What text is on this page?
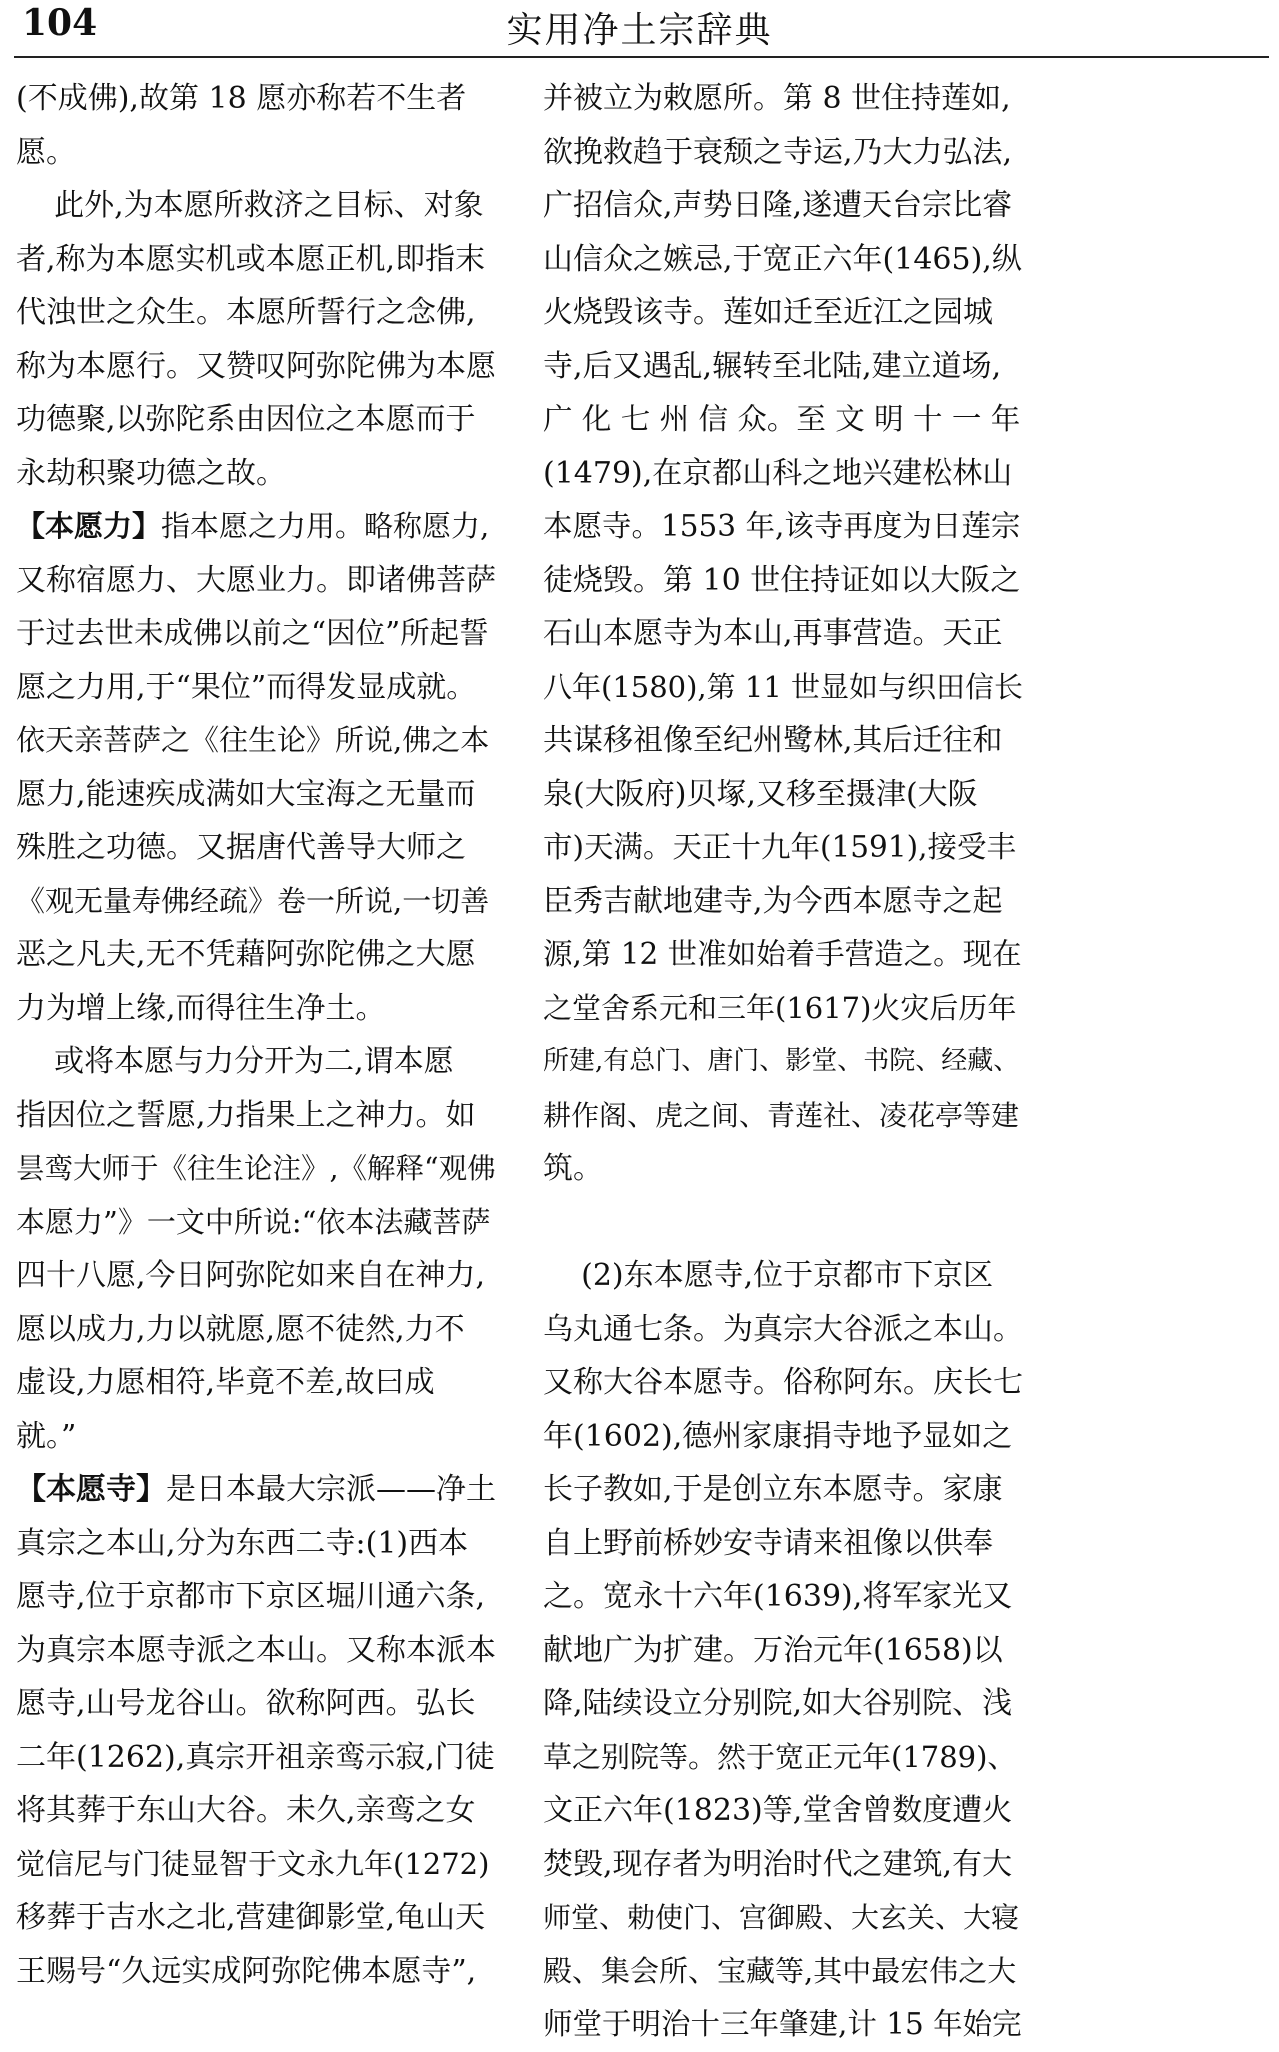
104	实用净土宗辞典
(不成佛),故第 18 愿亦称若不生者
愿。
此外,为本愿所救济之目标、对象
者,称为本愿实机或本愿正机,即指末
代浊世之众生。本愿所誓行之念佛,
称为本愿行。又赞叹阿弥陀佛为本愿
功德聚,以弥陀系由因位之本愿而于
永劫积聚功德之故。
【本愿力】指本愿之力用。略称愿力,
又称宿愿力、大愿业力。即诸佛菩萨
于过去世未成佛以前之“因位”所起誓
愿之力用,于“果位”而得发显成就。
依天亲菩萨之《往生论》所说,佛之本
愿力,能速疾成满如大宝海之无量而
殊胜之功德。又据唐代善导大师之
《观无量寿佛经疏》卷一所说,一切善
恶之凡夫,无不凭藉阿弥陀佛之大愿
力为增上缘,而得往生净土。
或将本愿与力分开为二,谓本愿
指因位之誓愿,力指果上之神力。如
昙鸾大师于《往生论注》,《解释“观佛
本愿力”》一文中所说:“依本法藏菩萨
四十八愿,今日阿弥陀如来自在神力,
愿以成力,力以就愿,愿不徒然,力不
虚设,力愿相符,毕竟不差,故曰成
就。”
【本愿寺】是日本最大宗派——净土
真宗之本山,分为东西二寺:(1)西本
愿寺,位于京都市下京区堀川通六条,
为真宗本愿寺派之本山。又称本派本
愿寺,山号龙谷山。欲称阿西。弘长
二年(1262),真宗开祖亲鸾示寂,门徒
将其葬于东山大谷。未久,亲鸾之女
觉信尼与门徒显智于文永九年(1272)
移葬于吉水之北,营建御影堂,龟山天
王赐号“久远实成阿弥陀佛本愿寺”,
并被立为敕愿所。第 8 世住持莲如,
欲挽救趋于衰颓之寺运,乃大力弘法,
广招信众,声势日隆,遂遭天台宗比睿
山信众之嫉忌,于宽正六年(1465),纵
火烧毁该寺。莲如迁至近江之园城
寺,后又遇乱,辗转至北陆,建立道场,
广 化 七 州 信 众。至 文 明 十 一 年
(1479),在京都山科之地兴建松林山
本愿寺。1553 年,该寺再度为日莲宗
徒烧毁。第 10 世住持证如以大阪之
石山本愿寺为本山,再事营造。天正
八年(1580),第 11 世显如与织田信长
共谋移祖像至纪州鹭林,其后迁往和
泉(大阪府)贝塚,又移至摄津(大阪
市)天满。天正十九年(1591),接受丰
臣秀吉献地建寺,为今西本愿寺之起
源,第 12 世准如始着手营造之。现在
之堂舍系元和三年(1617)火灾后历年
所建,有总门、唐门、影堂、书院、经藏、
耕作阁、虎之间、青莲社、凌花亭等建
筑。
(2)东本愿寺,位于京都市下京区
乌丸通七条。为真宗大谷派之本山。
又称大谷本愿寺。俗称阿东。庆长七
年(1602),德州家康捐寺地予显如之
长子教如,于是创立东本愿寺。家康
自上野前桥妙安寺请来祖像以供奉
之。宽永十六年(1639),将军家光又
献地广为扩建。万治元年(1658)以
降,陆续设立分别院,如大谷别院、浅
草之别院等。然于宽正元年(1789)、
文正六年(1823)等,堂舍曾数度遭火
焚毁,现存者为明治时代之建筑,有大
师堂、勅使门、宫御殿、大玄关、大寝
殿、集会所、宝藏等,其中最宏伟之大
师堂于明治十三年肇建,计 15 年始完
